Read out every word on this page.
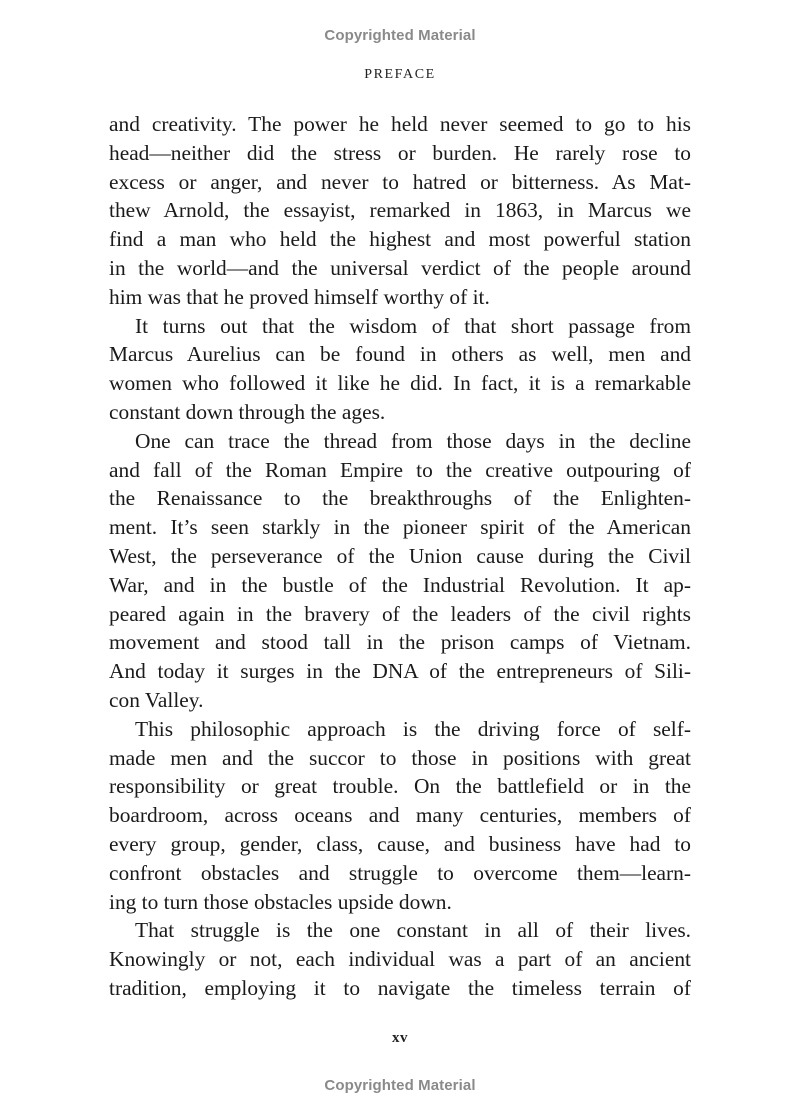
Copyrighted Material
PREFACE

and creativity. The power he held never seemed to go to his
head—neither did the stress or burden. He rarely rose to
excess or anger, and never to hatred or bitterness. As Mat-
thew Arnold, the essayist, remarked in 1863, in Marcus we
find a man who held the highest and most powerful station
in the world—and the universal verdict of the people around
him was that he proved himself worthy of it.

It turns out that the wisdom of that short passage from
Marcus Aurelius can be found in others as well, men and
women who followed it like he did. In fact, it is a remarkable
constant down through the ages.

One can trace the thread from those days in the decline
and fall of the Roman Empire to the creative outpouring of
the Renaissance to the breakthroughs of the Enlighten-
ment. It’s seen starkly in the pioneer spirit of the American
West, the perseverance of the Union cause during the Civil
War, and in the bustle of the Industrial Revolution. It ap-
peared again in the bravery of the leaders of the civil rights
movement and stood tall in the prison camps of Vietnam.
And today it surges in the DNA of the entrepreneurs of Sili-
con Valley.

This philosophic approach is the driving force of self-
made men and the succor to those in positions with great
responsibility or great trouble. On the battlefield or in the
boardroom, across oceans and many centuries, members of
every group, gender, class, cause, and business have had to
confront obstacles and struggle to overcome them—learn-
ing to turn those obstacles upside down.

That struggle is the one constant in all of their lives.
Knowingly or not, each individual was a part of an ancient
tradition, employing it to navigate the timeless terrain of

xv
Copyrighted Material
